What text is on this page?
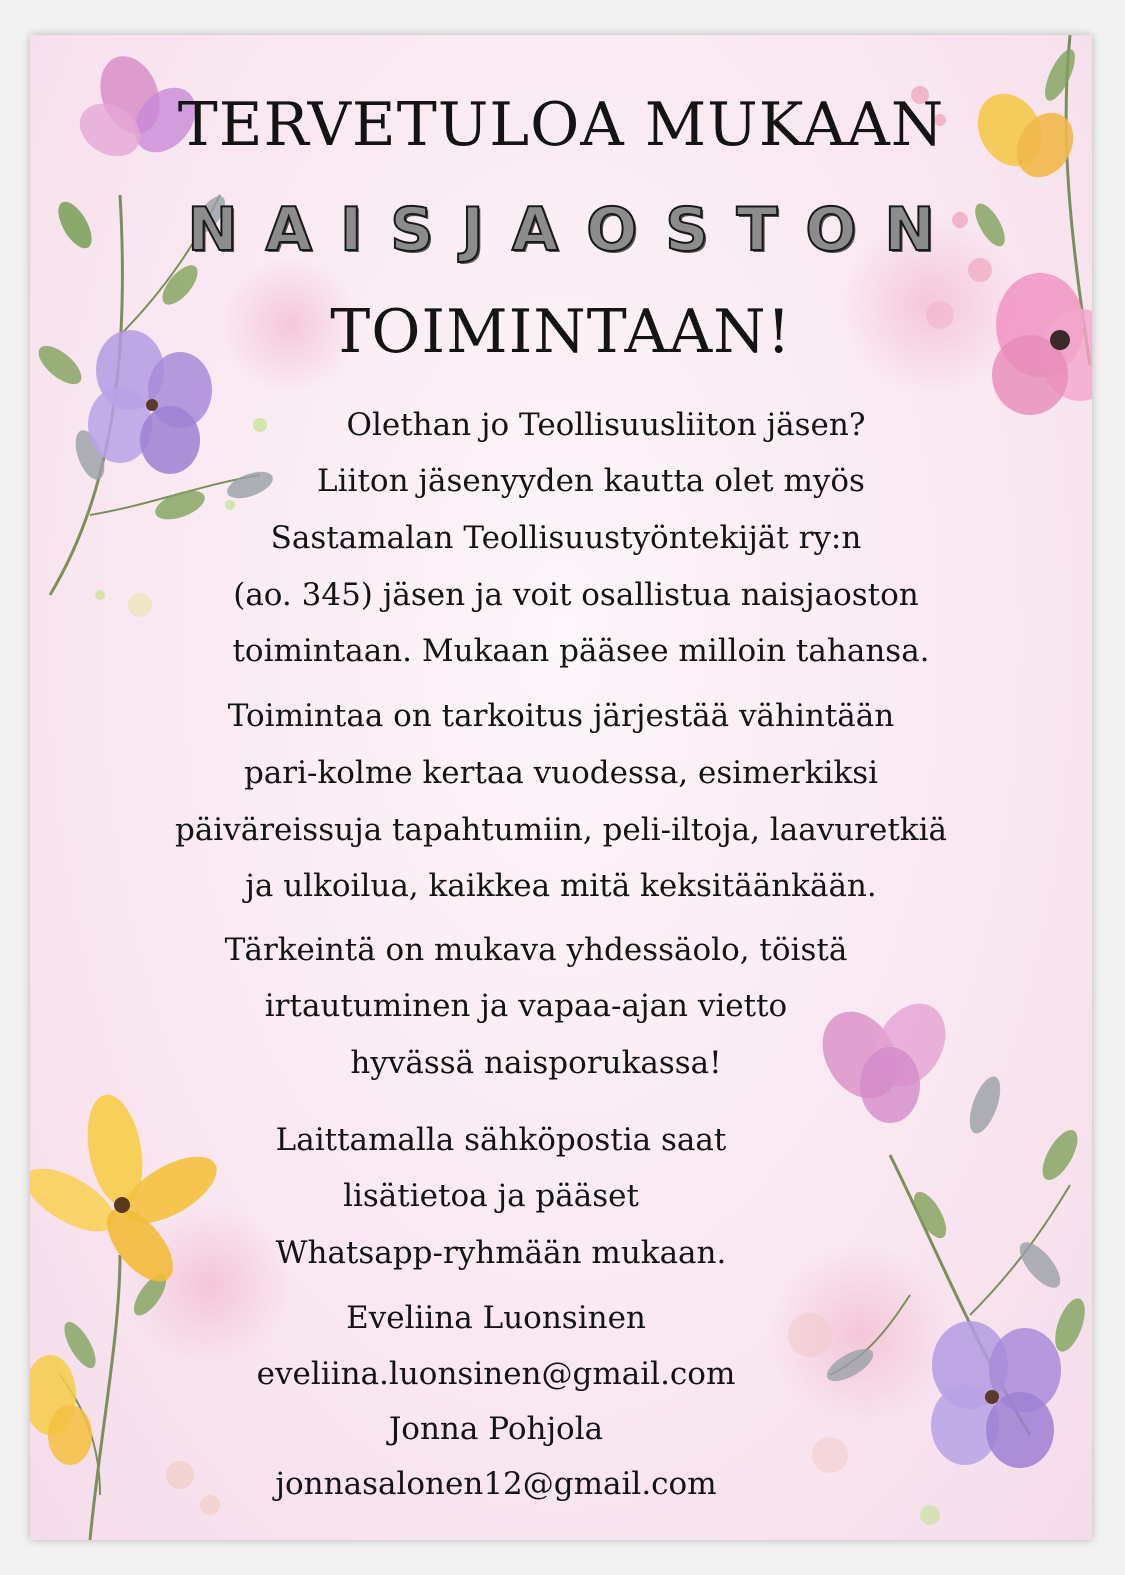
TERVETULOA MUKAAN
NAISJAOSTON
TOIMINTAAN!
Olethan jo Teollisuusliiton jäsen?
Liiton jäsenyyden kautta olet myös
Sastamalan Teollisuustyöntekijät ry:n
(ao. 345) jäsen ja voit osallistua naisjaoston
toimintaan. Mukaan pääsee milloin tahansa.
Toimintaa on tarkoitus järjestää vähintään
pari-kolme kertaa vuodessa, esimerkiksi
päiväreissuja tapahtumiin, peli-iltoja, laavuretkiä
ja ulkoilua, kaikkea mitä keksitäänkään.
Tärkeintä on mukava yhdessäolo, töistä
irtautuminen ja vapaa-ajan vietto
hyvässä naisporukassa!
Laittamalla sähköpostia saat
lisätietoa ja pääset
Whatsapp-ryhmään mukaan.
Eveliina Luonsinen
eveliina.luonsinen@gmail.com
Jonna Pohjola
jonnasalonen12@gmail.com
